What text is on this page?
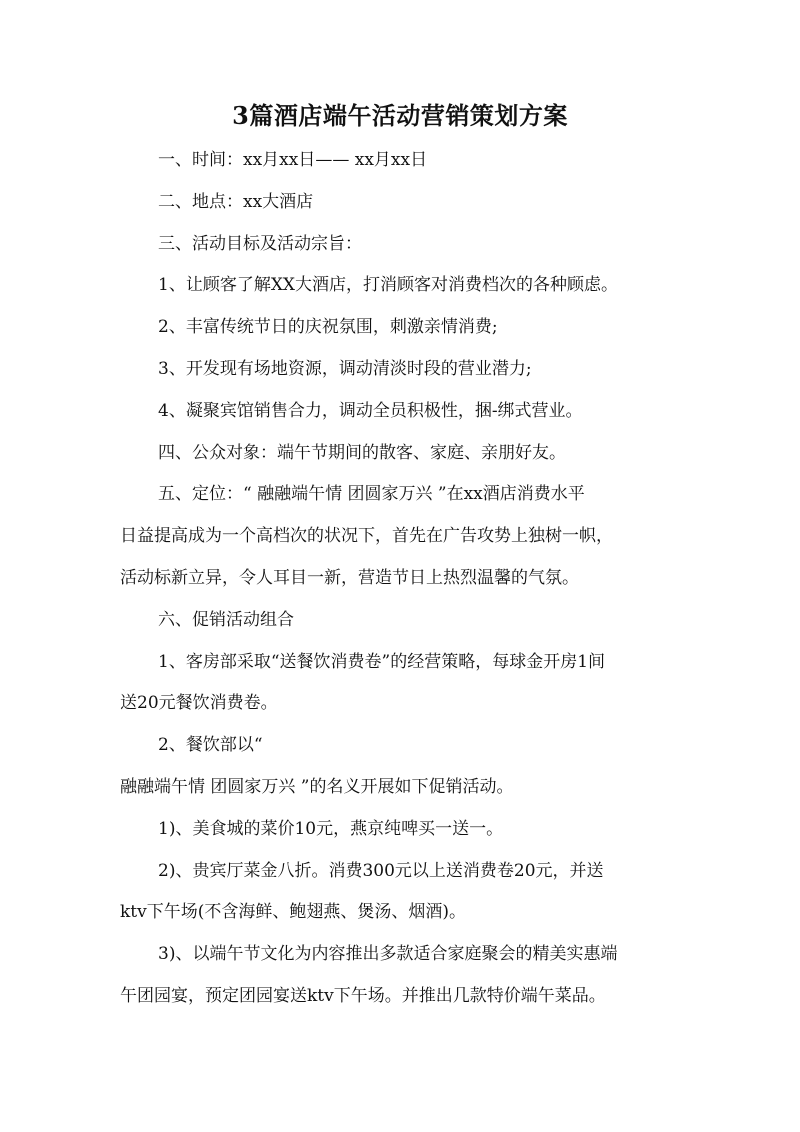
3篇酒店端午活动营销策划方案

一、时间：xx月xx日—— xx月xx日

二、地点：xx大酒店

三、活动目标及活动宗旨：

1、让顾客了解XX大酒店，打消顾客对消费档次的各种顾虑。

2、丰富传统节日的庆祝氛围，刺激亲情消费;

3、开发现有场地资源，调动清淡时段的营业潜力;

4、凝聚宾馆销售合力，调动全员积极性，捆-绑式营业。

四、公众对象：端午节期间的散客、家庭、亲朋好友。

五、定位：“ 融融端午情 团圆家万兴 ”在xx酒店消费水平

日益提高成为一个高档次的状况下，首先在广告攻势上独树一帜，

活动标新立异，令人耳目一新，营造节日上热烈温馨的气氛。

六、促销活动组合

1、客房部采取“送餐饮消费卷”的经营策略，每球金开房1间

送20元餐饮消费卷。

2、餐饮部以“

融融端午情 团圆家万兴 ”的名义开展如下促销活动。

1)、美食城的菜价10元，燕京纯啤买一送一。

2)、贵宾厅菜金八折。消费300元以上送消费卷20元，并送

ktv下午场(不含海鲜、鲍翅燕、煲汤、烟酒)。

3)、以端午节文化为内容推出多款适合家庭聚会的精美实惠端

午团园宴，预定团园宴送ktv下午场。并推出几款特价端午菜品。
